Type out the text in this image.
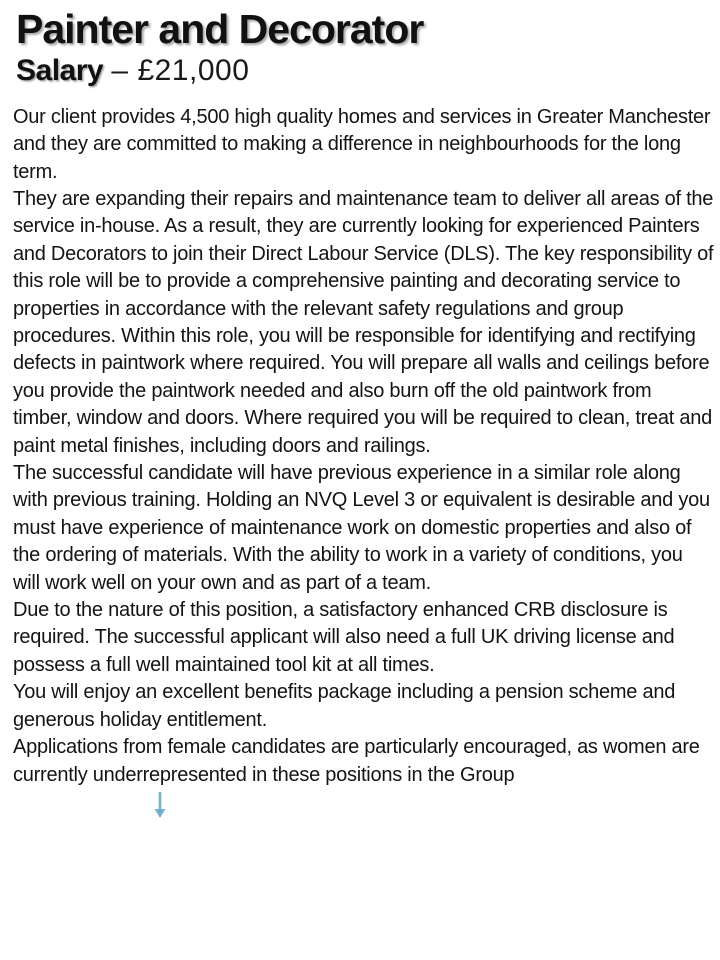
Painter and Decorator
Salary – £21,000

Our client provides 4,500 high quality homes and services in Greater Manchester and they are committed to making a difference in neighbourhoods for the long term.

They are expanding their repairs and maintenance team to deliver all areas of the service in-house. As a result, they are currently looking for experienced Painters and Decorators to join their Direct Labour Service (DLS). The key responsibility of this role will be to provide a comprehensive painting and decorating service to properties in accordance with the relevant safety regulations and group procedures. Within this role, you will be responsible for identifying and rectifying defects in paintwork where required. You will prepare all walls and ceilings before you provide the paintwork needed and also burn off the old paintwork from timber, window and doors. Where required you will be required to clean, treat and paint metal finishes, including doors and railings.

The successful candidate will have previous experience in a similar role along with previous training. Holding an NVQ Level 3 or equivalent is desirable and you must have experience of maintenance work on domestic properties and also of the ordering of materials. With the ability to work in a variety of conditions, you will work well on your own and as part of a team.

Due to the nature of this position, a satisfactory enhanced CRB disclosure is required. The successful applicant will also need a full UK driving license and possess a full well maintained tool kit at all times.

You will enjoy an excellent benefits package including a pension scheme and generous holiday entitlement.

Applications from female candidates are particularly encouraged, as women are currently underrepresented in these positions in the Group
